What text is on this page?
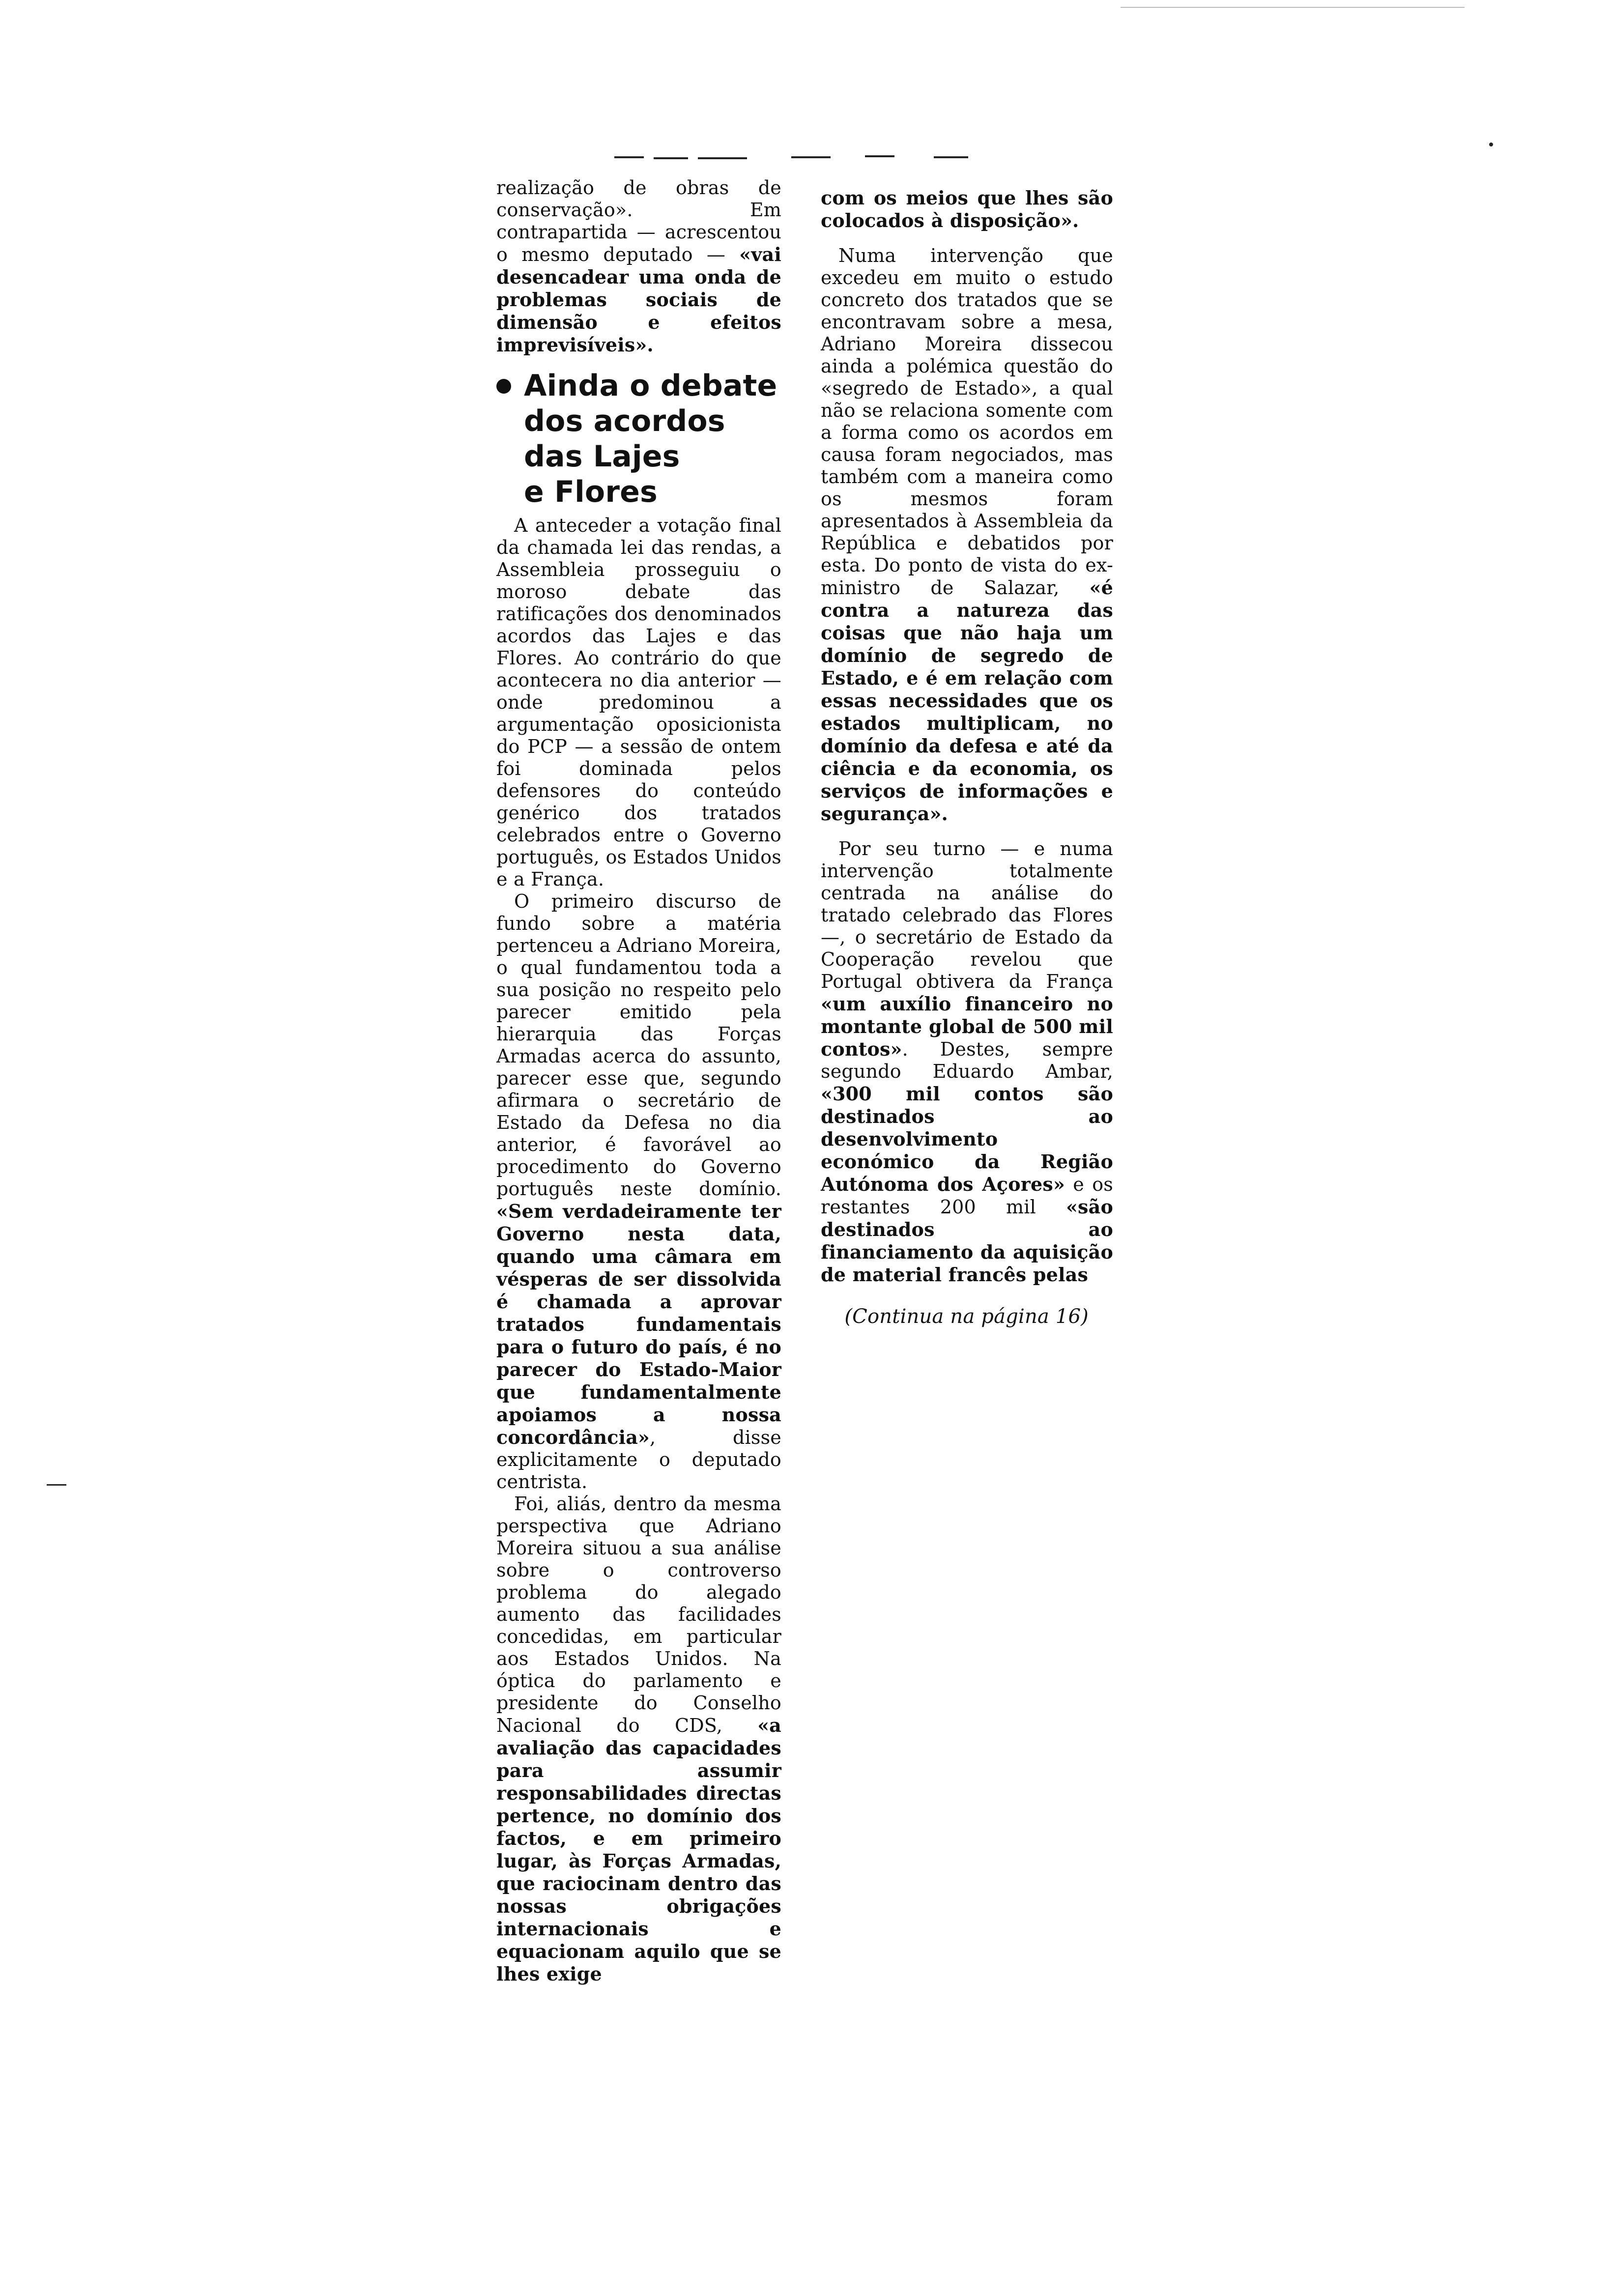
realização de obras de conservação». Em contrapartida — acrescentou o mesmo deputado — «vai desencadear uma onda de problemas sociais de dimensão e efeitos imprevisíveis».

Ainda o debate
dos acordos
das Lajes
e Flores

A anteceder a votação final da chamada lei das rendas, a Assembleia prosseguiu o moroso debate das ratificações dos denominados acordos das Lajes e das Flores. Ao contrário do que acontecera no dia anterior — onde predominou a argumentação oposicionista do PCP — a sessão de ontem foi dominada pelos defensores do conteúdo genérico dos tratados celebrados entre o Governo português, os Estados Unidos e a França.

O primeiro discurso de fundo sobre a matéria pertenceu a Adriano Moreira, o qual fundamentou toda a sua posição no respeito pelo parecer emitido pela hierarquia das Forças Armadas acerca do assunto, parecer esse que, segundo afirmara o secretário de Estado da Defesa no dia anterior, é favorável ao procedimento do Governo português neste domínio. «Sem verdadeiramente ter Governo nesta data, quando uma câmara em vésperas de ser dissolvida é chamada a aprovar tratados fundamentais para o futuro do país, é no parecer do Estado-Maior que fundamentalmente apoiamos a nossa concordância», disse explicitamente o deputado centrista.

Foi, aliás, dentro da mesma perspectiva que Adriano Moreira situou a sua análise sobre o controverso problema do alegado aumento das facilidades concedidas, em particular aos Estados Unidos. Na óptica do parlamento e presidente do Conselho Nacional do CDS, «a avaliação das capacidades para assumir responsabilidades directas pertence, no domínio dos factos, e em primeiro lugar, às Forças Armadas, que raciocinam dentro das nossas obrigações internacionais e equacionam aquilo que se lhes exige

com os meios que lhes são colocados à disposição».

Numa intervenção que excedeu em muito o estudo concreto dos tratados que se encontravam sobre a mesa, Adriano Moreira dissecou ainda a polémica questão do «segredo de Estado», a qual não se relaciona somente com a forma como os acordos em causa foram negociados, mas também com a maneira como os mesmos foram apresentados à Assembleia da República e debatidos por esta. Do ponto de vista do ex-ministro de Salazar, «é contra a natureza das coisas que não haja um domínio de segredo de Estado, e é em relação com essas necessidades que os estados multiplicam, no domínio da defesa e até da ciência e da economia, os serviços de informações e segurança».

Por seu turno — e numa intervenção totalmente centrada na análise do tratado celebrado das Flores —, o secretário de Estado da Cooperação revelou que Portugal obtivera da França «um auxílio financeiro no montante global de 500 mil contos». Destes, sempre segundo Eduardo Ambar, «300 mil contos são destinados ao desenvolvimento económico da Região Autónoma dos Açores» e os restantes 200 mil «são destinados ao financiamento da aquisição de material francês pelas

(Continua na página 16)
